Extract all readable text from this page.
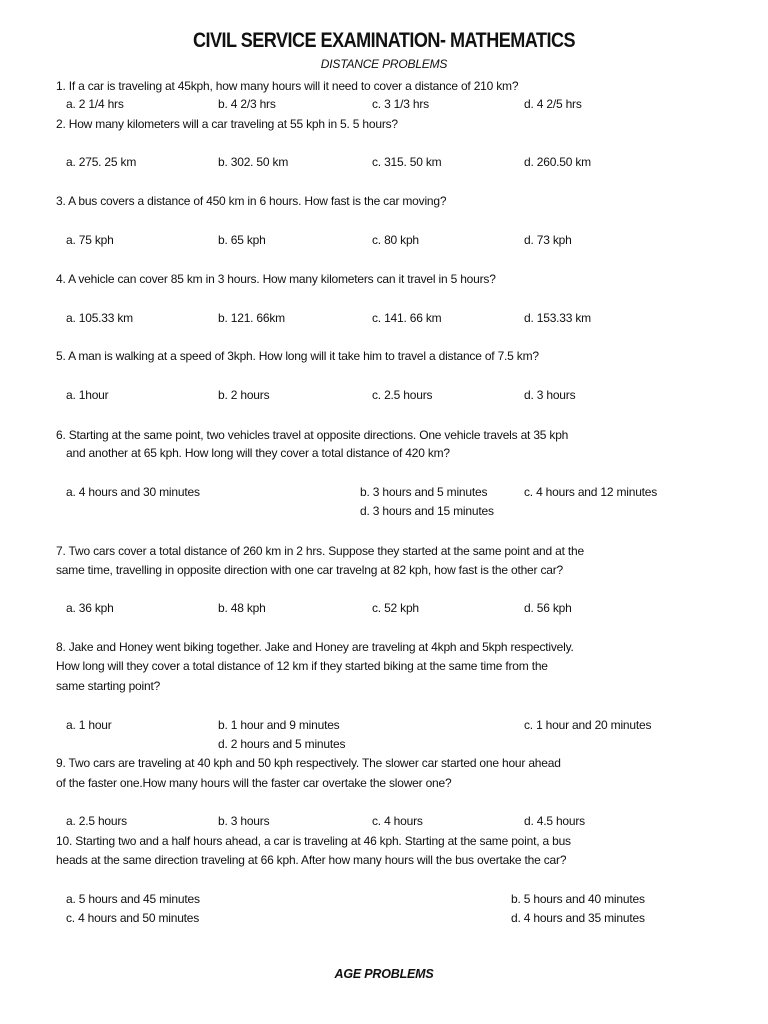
CIVIL SERVICE EXAMINATION- MATHEMATICS
DISTANCE PROBLEMS
1. If a car is traveling at 45kph, how many hours will it need to cover a distance of 210 km?
a. 2 1/4 hrs	b. 4 2/3 hrs	c. 3 1/3 hrs	d. 4 2/5 hrs
2. How many kilometers will a car traveling at 55 kph in 5. 5 hours?
a. 275. 25 km	b. 302. 50 km	c. 315. 50 km	d. 260.50 km
3. A bus covers a distance of 450 km in 6 hours. How fast is the car moving?
a. 75 kph	b. 65 kph	c. 80 kph	d. 73 kph
4. A vehicle can cover 85 km in 3 hours. How many kilometers can it travel in 5 hours?
a. 105.33 km	b. 121. 66km	c. 141. 66 km	d. 153.33 km
5. A man is walking at a speed of 3kph. How long will it take him to travel a distance of 7.5 km?
a. 1hour	b. 2 hours	c. 2.5 hours	d. 3 hours
6. Starting at the same point, two vehicles travel at opposite directions. One vehicle travels at 35 kph
and another at 65 kph. How long will they cover a total distance of 420 km?
a. 4 hours and 30 minutes	b. 3 hours and 5 minutes	c. 4 hours and 12 minutes
d. 3 hours and 15 minutes
7. Two cars cover a total distance of 260 km in 2 hrs. Suppose they started at the same point and at the
same time, travelling in opposite direction with one car travelng at 82 kph, how fast is the other car?
a. 36 kph	b. 48 kph	c. 52 kph	d. 56 kph
8. Jake and Honey went biking together. Jake and Honey are traveling at 4kph and 5kph respectively.
How long will they cover a total distance of 12 km if they started biking at the same time from the
same starting point?
a. 1 hour	b. 1 hour and 9 minutes	c. 1 hour and 20 minutes
d. 2 hours and 5 minutes
9. Two cars are traveling at 40 kph and 50 kph respectively. The slower car started one hour ahead
of the faster one.How many hours will the faster car overtake the slower one?
a. 2.5 hours	b. 3 hours	c. 4 hours	d. 4.5 hours
10. Starting two and a half hours ahead, a car is traveling at 46 kph. Starting at the same point, a bus
heads at the same direction traveling at 66 kph. After how many hours will the bus overtake the car?
a. 5 hours and 45 minutes	b. 5 hours and 40 minutes
c. 4 hours and 50 minutes	d. 4 hours and 35 minutes
AGE PROBLEMS
